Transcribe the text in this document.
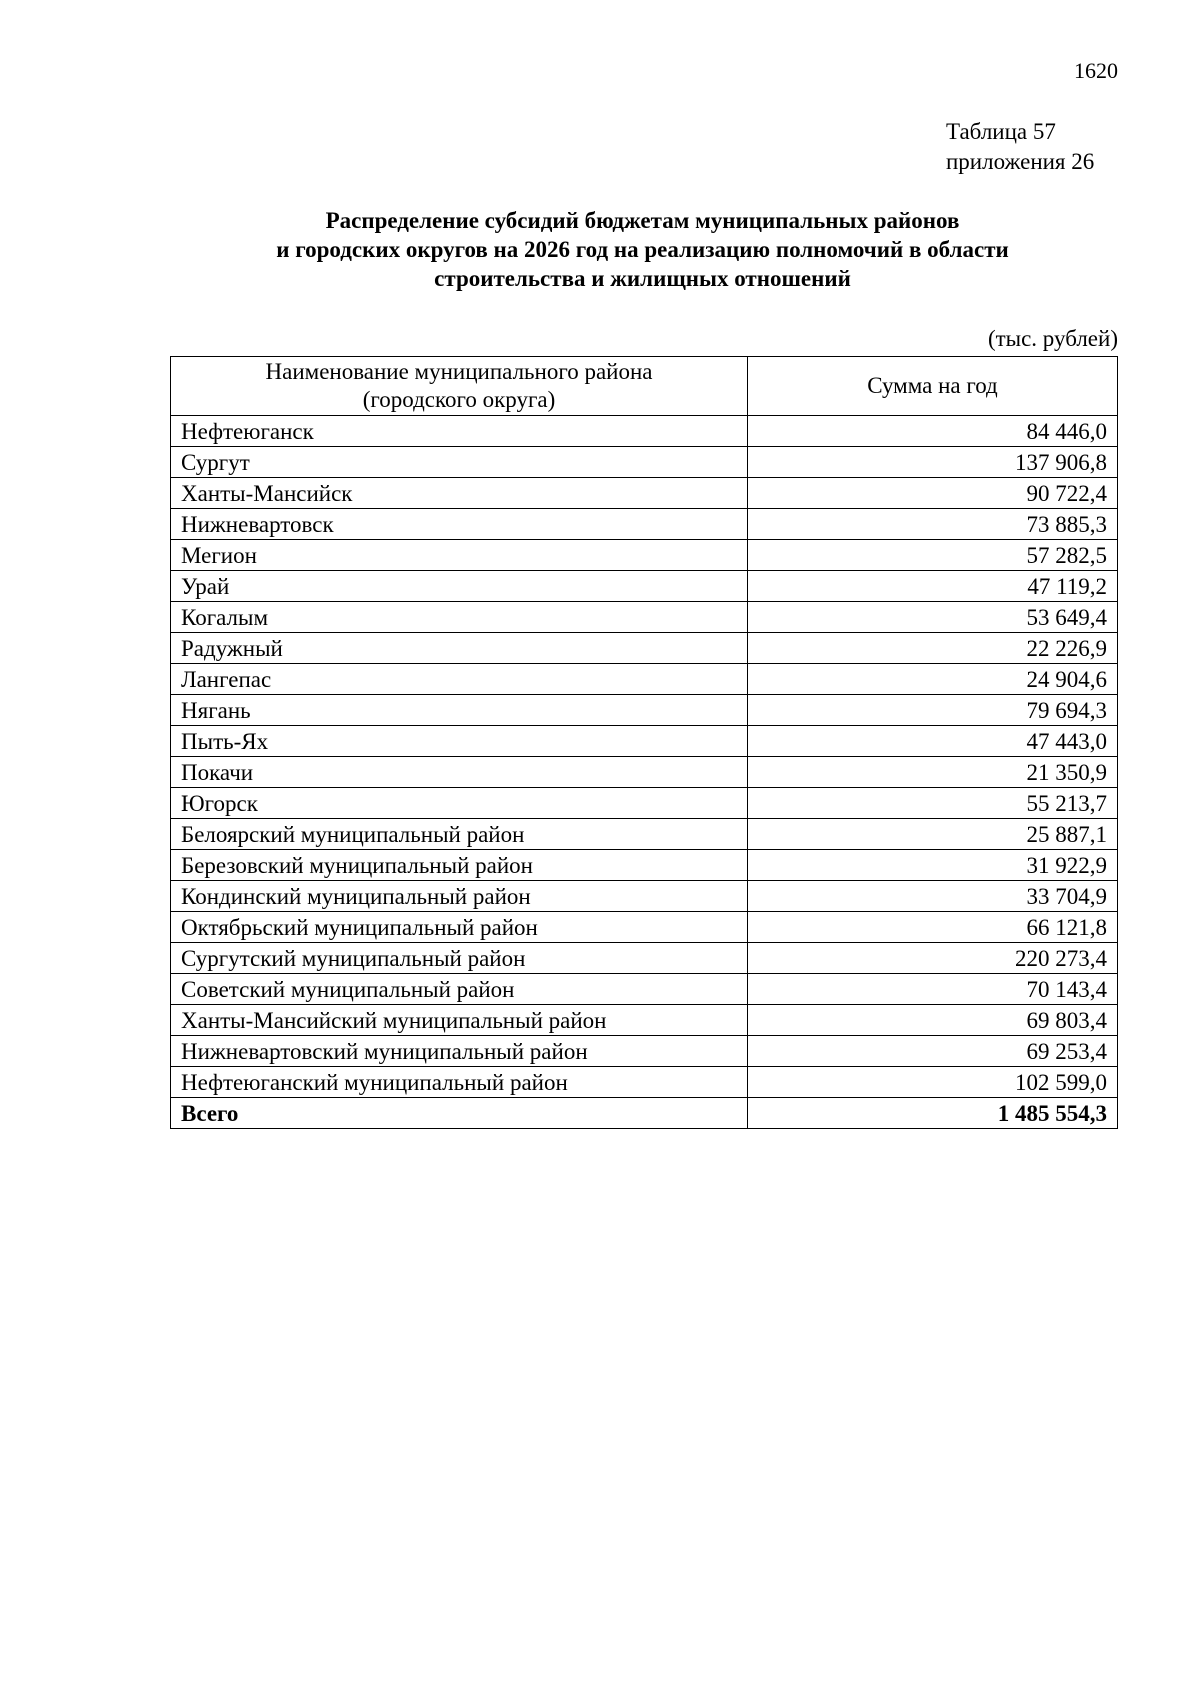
1620
Таблица 57
приложения 26
Распределение субсидий бюджетам муниципальных районов
и городских округов на 2026 год на реализацию полномочий в области
строительства и жилищных отношений
(тыс. рублей)
Наименование муниципального района
(городского округа)	Сумма на год
Нефтеюганск	84 446,0
Сургут	137 906,8
Ханты-Мансийск	90 722,4
Нижневартовск	73 885,3
Мегион	57 282,5
Урай	47 119,2
Когалым	53 649,4
Радужный	22 226,9
Лангепас	24 904,6
Нягань	79 694,3
Пыть-Ях	47 443,0
Покачи	21 350,9
Югорск	55 213,7
Белоярский муниципальный район	25 887,1
Березовский муниципальный район	31 922,9
Кондинский муниципальный район	33 704,9
Октябрьский муниципальный район	66 121,8
Сургутский муниципальный район	220 273,4
Советский муниципальный район	70 143,4
Ханты-Мансийский муниципальный район	69 803,4
Нижневартовский муниципальный район	69 253,4
Нефтеюганский муниципальный район	102 599,0
Всего	1 485 554,3
